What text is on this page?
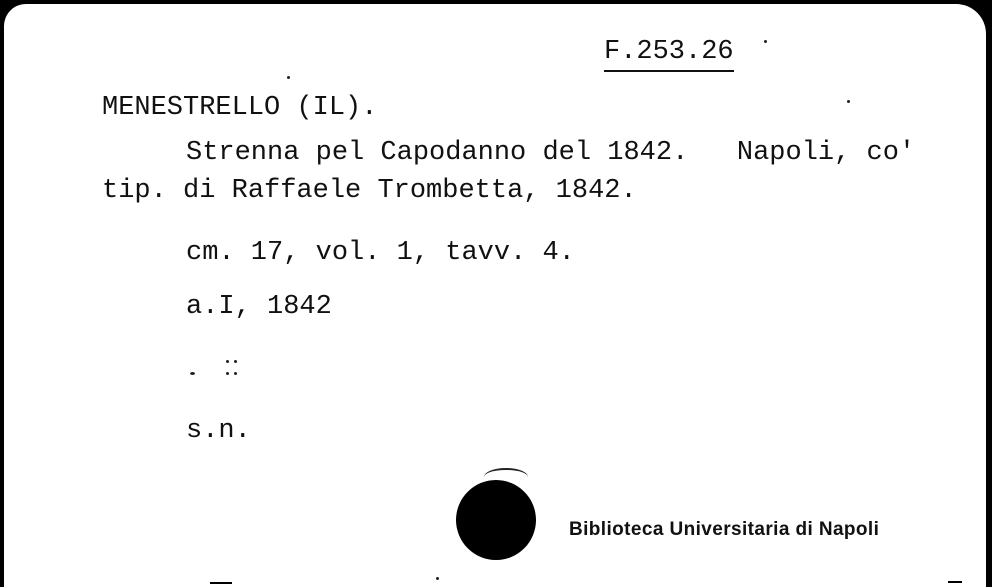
F.253.26
MENESTRELLO (IL).
Strenna pel Capodanno del 1842.   Napoli, co'
tip. di Raffaele Trombetta, 1842.
cm. 17, vol. 1, tavv. 4.
a.I, 1842
s.n.
Biblioteca Universitaria di Napoli
